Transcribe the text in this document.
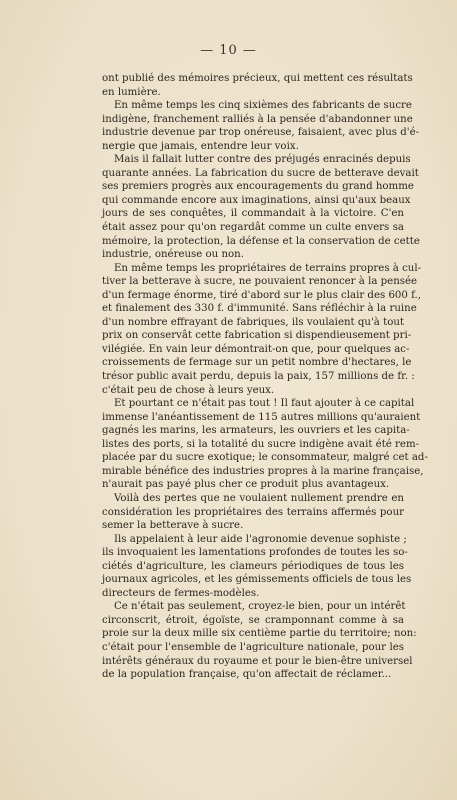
— 10 —
ont publié des mémoires précieux, qui mettent ces résultats
en lumière.
En même temps les cinq sixièmes des fabricants de sucre
indigène, franchement ralliés à la pensée d'abandonner une
industrie devenue par trop onéreuse, faisaient, avec plus d'é-
nergie que jamais, entendre leur voix.
Mais il fallait lutter contre des préjugés enracinés depuis
quarante années. La fabrication du sucre de betterave devait
ses premiers progrès aux encouragements du grand homme
qui commande encore aux imaginations, ainsi qu'aux beaux
jours de ses conquêtes, il commandait à la victoire. C'en
était assez pour qu'on regardât comme un culte envers sa
mémoire, la protection, la défense et la conservation de cette
industrie, onéreuse ou non.
En même temps les propriétaires de terrains propres à cul-
tiver la betterave à sucre, ne pouvaient renoncer à la pensée
d'un fermage énorme, tiré d'abord sur le plus clair des 600 f.,
et finalement des 330 f. d'immunité. Sans réfléchir à la ruine
d'un nombre effrayant de fabriques, ils voulaient qu'à tout
prix on conservât cette fabrication si dispendieusement pri-
vilégiée. En vain leur démontrait-on que, pour quelques ac-
croissements de fermage sur un petit nombre d'hectares, le
trésor public avait perdu, depuis la paix, 157 millions de fr. :
c'était peu de chose à leurs yeux.
Et pourtant ce n'était pas tout ! Il faut ajouter à ce capital
immense l'anéantissement de 115 autres millions qu'auraient
gagnés les marins, les armateurs, les ouvriers et les capita-
listes des ports, si la totalité du sucre indigène avait été rem-
placée par du sucre exotique; le consommateur, malgré cet ad-
mirable bénéfice des industries propres à la marine française,
n'aurait pas payé plus cher ce produit plus avantageux.
Voilà des pertes que ne voulaient nullement prendre en
considération les propriétaires des terrains affermés pour
semer la betterave à sucre.
Ils appelaient à leur aide l'agronomie devenue sophiste ;
ils invoquaient les lamentations profondes de toutes les so-
ciétés d'agriculture, les clameurs périodiques de tous les
journaux agricoles, et les gémissements officiels de tous les
directeurs de fermes-modèles.
Ce n'était pas seulement, croyez-le bien, pour un intérêt
circonscrit, étroit, égoïste, se cramponnant comme à sa
proie sur la deux mille six centième partie du territoire; non:
c'était pour l'ensemble de l'agriculture nationale, pour les
intérêts généraux du royaume et pour le bien-être universel
de la population française, qu'on affectait de réclamer...
